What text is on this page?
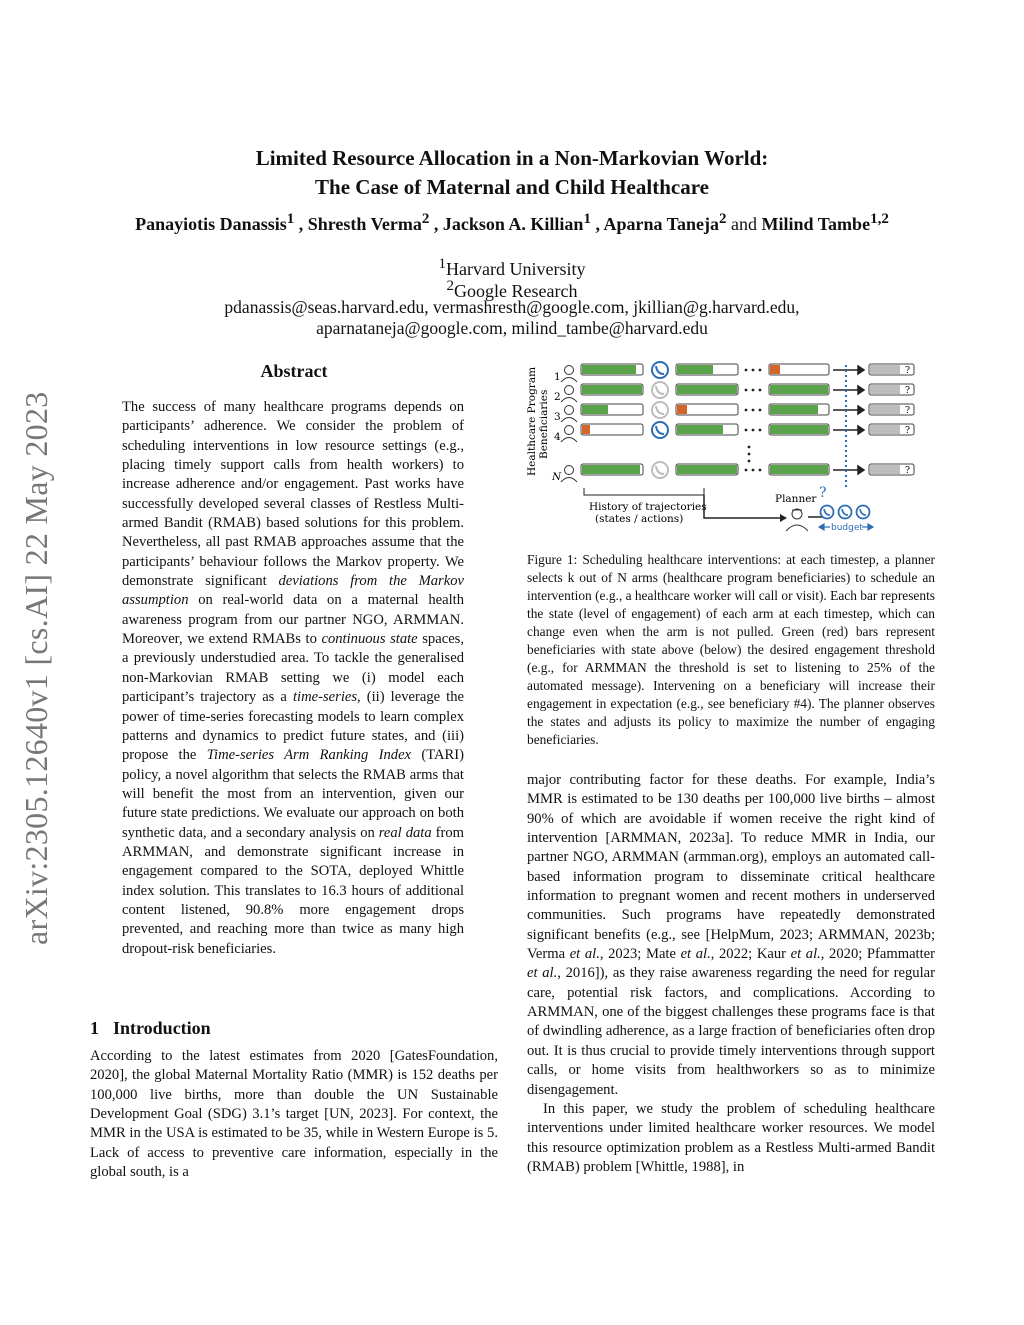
arXiv:2305.12640v1 [cs.AI] 22 May 2023
Limited Resource Allocation in a Non-Markovian World:
The Case of Maternal and Child Healthcare
Panayiotis Danassis$^1$ , Shresth Verma$^2$ , Jackson A. Killian$^1$ , Aparna Taneja$^2$ and Milind Tambe$^{1,2}$
$^1$Harvard University
$^2$Google Research
pdanassis@seas.harvard.edu, vermashresth@google.com, jkillian@g.harvard.edu,
aparnataneja@google.com, milind_tambe@harvard.edu
Abstract
The success of many healthcare programs depends on participants’ adherence. We consider the problem of scheduling interventions in low resource settings (e.g., placing timely support calls from health workers) to increase adherence and/or engagement. Past works have successfully developed several classes of Restless Multi-armed Bandit (RMAB) based solutions for this problem. Nevertheless, all past RMAB approaches assume that the participants’ behaviour follows the Markov property. We demonstrate significant deviations from the Markov assumption on real-world data on a maternal health awareness program from our partner NGO, ARMMAN. Moreover, we extend RMABs to continuous state spaces, a previously understudied area. To tackle the generalised non-Markovian RMAB setting we (i) model each participant’s trajectory as a time-series, (ii) leverage the power of time-series forecasting models to learn complex patterns and dynamics to predict future states, and (iii) propose the Time-series Arm Ranking Index (TARI) policy, a novel algorithm that selects the RMAB arms that will benefit the most from an intervention, given our future state predictions. We evaluate our approach on both synthetic data, and a secondary analysis on real data from ARMMAN, and demonstrate significant increase in engagement compared to the SOTA, deployed Whittle index solution. This translates to 16.3 hours of additional content listened, 90.8% more engagement drops prevented, and reaching more than twice as many high dropout-risk beneficiaries.
1 Introduction
According to the latest estimates from 2020 [GatesFoundation, 2020], the global Maternal Mortality Ratio (MMR) is 152 deaths per 100,000 live births, more than double the UN Sustainable Development Goal (SDG) 3.1’s target [UN, 2023]. For context, the MMR in the USA is estimated to be 35, while in Western Europe is 5. Lack of access to preventive care information, especially in the global south, is a
Healthcare Program Beneficiaries
1
2
3
4
N
?
?
?
?
?
History of trajectories
(states / actions)
Planner ?
budget
Figure 1: Scheduling healthcare interventions: at each timestep, a planner selects k out of N arms (healthcare program beneficiaries) to schedule an intervention (e.g., a healthcare worker will call or visit). Each bar represents the state (level of engagement) of each arm at each timestep, which can change even when the arm is not pulled. Green (red) bars represent beneficiaries with state above (below) the desired engagement threshold (e.g., for ARMMAN the threshold is set to listening to 25% of the automated message). Intervening on a beneficiary will increase their engagement in expectation (e.g., see beneficiary #4). The planner observes the states and adjusts its policy to maximize the number of engaging beneficiaries.

major contributing factor for these deaths. For example, India’s MMR is estimated to be 130 deaths per 100,000 live births – almost 90% of which are avoidable if women receive the right kind of intervention [ARMMAN, 2023a]. To reduce MMR in India, our partner NGO, ARMMAN (armman.org), employs an automated call-based information program to disseminate critical healthcare information to pregnant women and recent mothers in underserved communities. Such programs have repeatedly demonstrated significant benefits (e.g., see [HelpMum, 2023; ARMMAN, 2023b; Verma et al., 2023; Mate et al., 2022; Kaur et al., 2020; Pfammatter et al., 2016]), as they raise awareness regarding the need for regular care, potential risk factors, and complications. According to ARMMAN, one of the biggest challenges these programs face is that of dwindling adherence, as a large fraction of beneficiaries often drop out. It is thus crucial to provide timely interventions through support calls, or home visits from healthworkers so as to minimize disengagement.

In this paper, we study the problem of scheduling healthcare interventions under limited healthcare worker resources. We model this resource optimization problem as a Restless Multi-armed Bandit (RMAB) problem [Whittle, 1988], in
